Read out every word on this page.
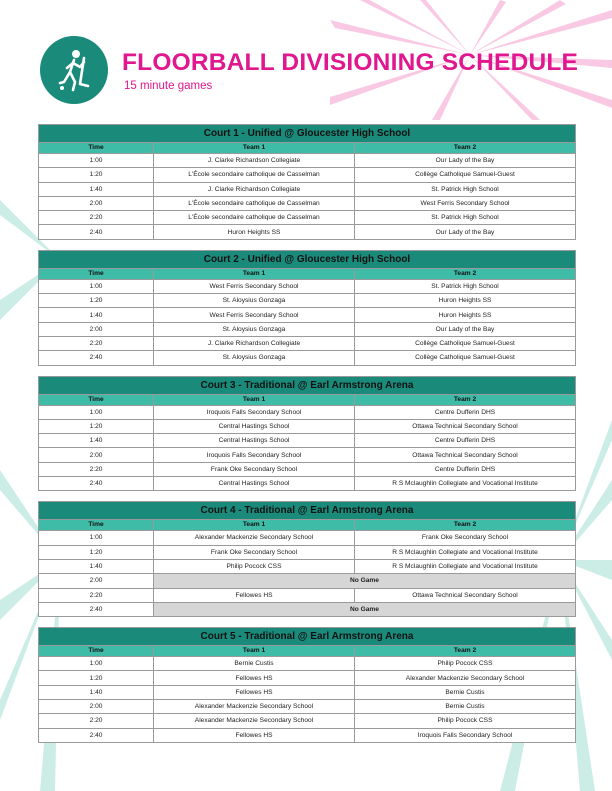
FLOORBALL DIVISIONING SCHEDULE
15 minute games
Court 1 - Unified @ Gloucester High School		
Time	Team 1	Team 2
1:00	J. Clarke Richardson Collegiate	Our Lady of the Bay
1:20	L'École secondaire catholique de Casselman	Collège Catholique Samuel-Guest
1:40	J. Clarke Richardson Collegiate	St. Patrick High School
2:00	L'École secondaire catholique de Casselman	West Ferris Secondary School
2:20	L'École secondaire catholique de Casselman	St. Patrick High School
2:40	Huron Heights SS	Our Lady of the Bay
Court 2 - Unified @ Gloucester High School		
Time	Team 1	Team 2
1:00	West Ferris Secondary School	St. Patrick High School
1:20	St. Aloysius Gonzaga	Huron Heights SS
1:40	West Ferris Secondary School	Huron Heights SS
2:00	St. Aloysius Gonzaga	Our Lady of the Bay
2:20	J. Clarke Richardson Collegiate	Collège Catholique Samuel-Guest
2:40	St. Aloysius Gonzaga	Collège Catholique Samuel-Guest
Court 3 - Traditional @ Earl Armstrong Arena		
Time	Team 1	Team 2
1:00	Iroquois Falls Secondary School	Centre Dufferin DHS
1:20	Central Hastings School	Ottawa Technical Secondary School
1:40	Central Hastings School	Centre Dufferin DHS
2:00	Iroquois Falls Secondary School	Ottawa Technical Secondary School
2:20	Frank Oke Secondary School	Centre Dufferin DHS
2:40	Central Hastings School	R S Mclaughlin Collegiate and Vocational Institute
Court 4 - Traditional @ Earl Armstrong Arena		
Time	Team 1	Team 2
1:00	Alexander Mackenzie Secondary School	Frank Oke Secondary School
1:20	Frank Oke Secondary School	R S Mclaughlin Collegiate and Vocational Institute
1:40	Philip Pocock CSS	R S Mclaughlin Collegiate and Vocational Institute
2:00	No Game	
2:20	Fellowes HS	Ottawa Technical Secondary School
2:40	No Game	
Court 5 - Traditional @ Earl Armstrong Arena		
Time	Team 1	Team 2
1:00	Bernie Custis	Philip Pocock CSS
1:20	Fellowes HS	Alexander Mackenzie Secondary School
1:40	Fellowes HS	Bernie Custis
2:00	Alexander Mackenzie Secondary School	Bernie Custis
2:20	Alexander Mackenzie Secondary School	Philip Pocock CSS
2:40	Fellowes HS	Iroquois Falls Secondary School
